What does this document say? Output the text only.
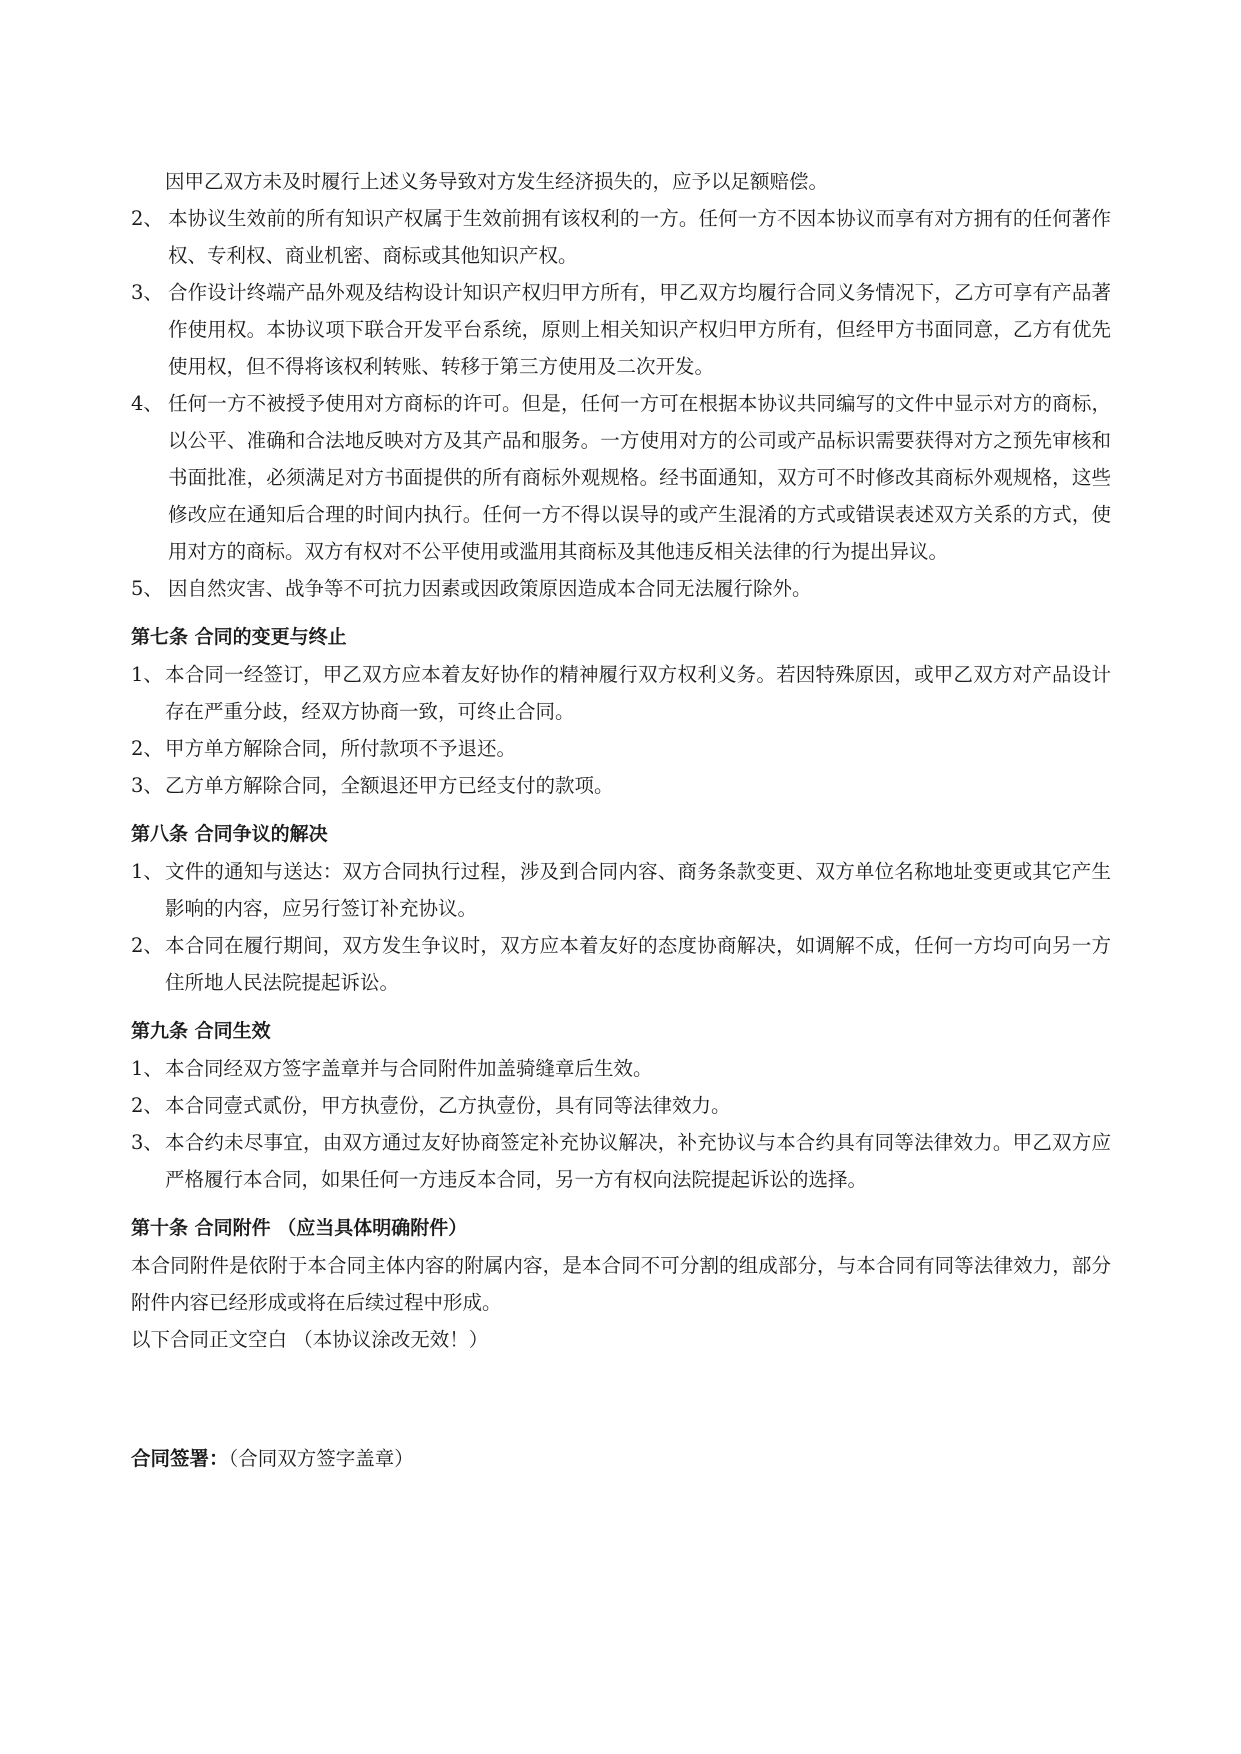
因甲乙双方未及时履行上述义务导致对方发生经济损失的，应予以足额赔偿。
2、 本协议生效前的所有知识产权属于生效前拥有该权利的一方。任何一方不因本协议而享有对方拥有的任何著作权、专利权、商业机密、商标或其他知识产权。
3、 合作设计终端产品外观及结构设计知识产权归甲方所有，甲乙双方均履行合同义务情况下，乙方可享有产品著作使用权。本协议项下联合开发平台系统，原则上相关知识产权归甲方所有，但经甲方书面同意，乙方有优先使用权，但不得将该权利转账、转移于第三方使用及二次开发。
4、 任何一方不被授予使用对方商标的许可。但是，任何一方可在根据本协议共同编写的文件中显示对方的商标，以公平、准确和合法地反映对方及其产品和服务。一方使用对方的公司或产品标识需要获得对方之预先审核和书面批准，必须满足对方书面提供的所有商标外观规格。经书面通知，双方可不时修改其商标外观规格，这些修改应在通知后合理的时间内执行。任何一方不得以误导的或产生混淆的方式或错误表述双方关系的方式，使用对方的商标。双方有权对不公平使用或滥用其商标及其他违反相关法律的行为提出异议。
5、 因自然灾害、战争等不可抗力因素或因政策原因造成本合同无法履行除外。
第七条 合同的变更与终止
1、 本合同一经签订，甲乙双方应本着友好协作的精神履行双方权利义务。若因特殊原因，或甲乙双方对产品设计存在严重分歧，经双方协商一致，可终止合同。
2、 甲方单方解除合同，所付款项不予退还。
3、 乙方单方解除合同，全额退还甲方已经支付的款项。
第八条 合同争议的解决
1、 文件的通知与送达：双方合同执行过程，涉及到合同内容、商务条款变更、双方单位名称地址变更或其它产生影响的内容，应另行签订补充协议。
2、 本合同在履行期间，双方发生争议时，双方应本着友好的态度协商解决，如调解不成，任何一方均可向另一方住所地人民法院提起诉讼。
第九条 合同生效
1、 本合同经双方签字盖章并与合同附件加盖骑缝章后生效。
2、 本合同壹式贰份，甲方执壹份，乙方执壹份，具有同等法律效力。
3、 本合约未尽事宜，由双方通过友好协商签定补充协议解决，补充协议与本合约具有同等法律效力。甲乙双方应严格履行本合同，如果任何一方违反本合同，另一方有权向法院提起诉讼的选择。
第十条 合同附件 （应当具体明确附件）
本合同附件是依附于本合同主体内容的附属内容，是本合同不可分割的组成部分，与本合同有同等法律效力，部分附件内容已经形成或将在后续过程中形成。
以下合同正文空白 （本协议涂改无效！）
合同签署：（合同双方签字盖章）
